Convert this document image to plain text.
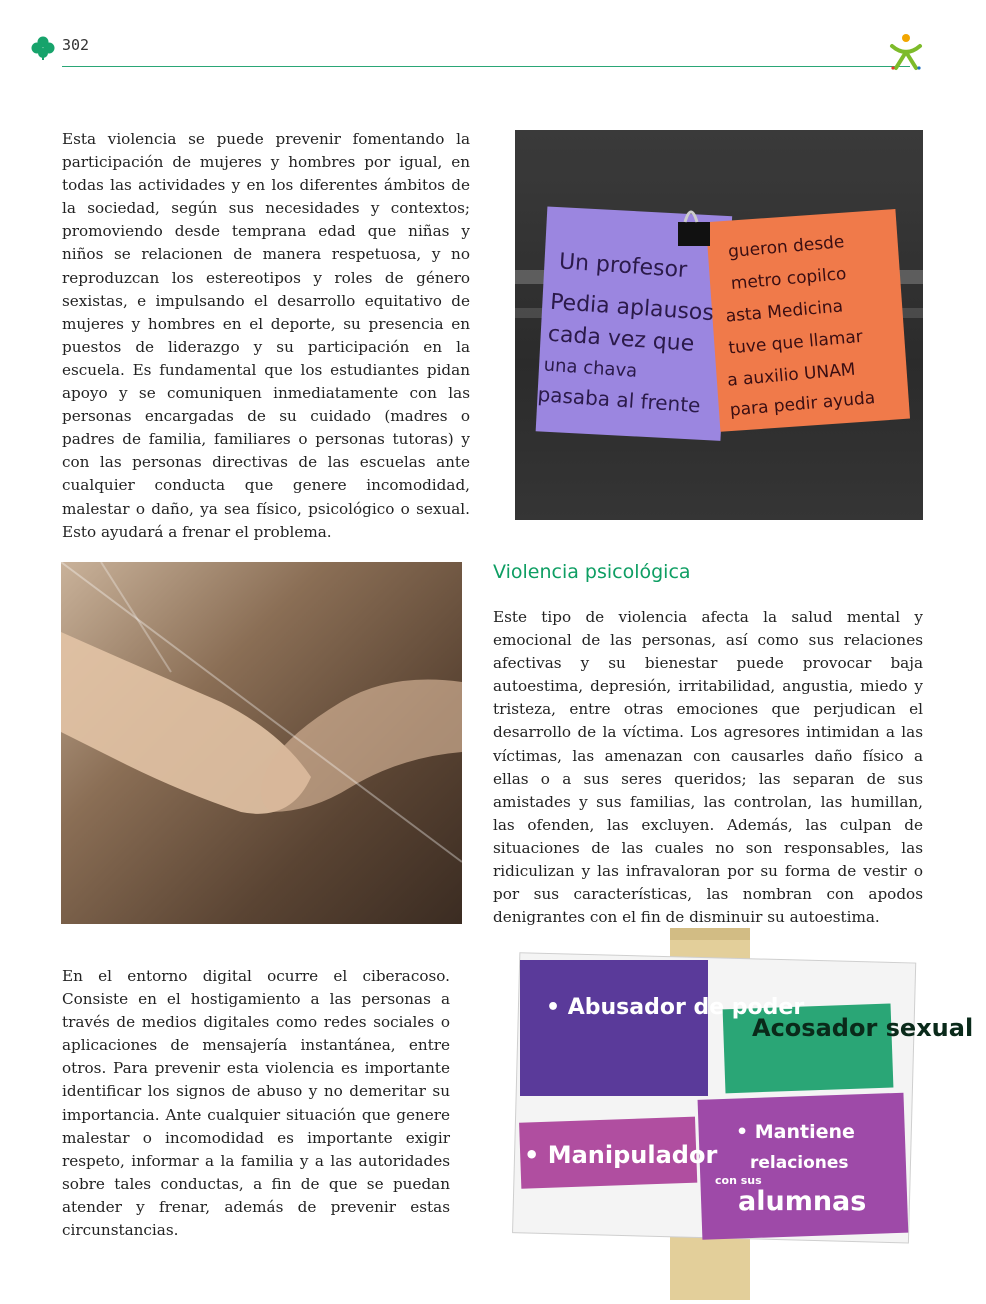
302

Esta violencia se puede prevenir fomentando la participación de mujeres y hombres por igual, en todas las actividades y en los diferentes ámbitos de la sociedad, según sus necesidades y contextos; promoviendo desde temprana edad que niñas y niños se relacionen de manera respetuosa, y no reproduzcan los estereotipos y roles de género sexistas, e impulsando el desarrollo equitativo de mujeres y hombres en el deporte, su presencia en puestos de liderazgo y su participación en la escuela. Es fundamental que los estudiantes pidan apoyo y se comuniquen inmediatamente con las personas encargadas de su cuidado (madres o padres de familia, familiares o personas tutoras) y con las personas directivas de las escuelas ante cualquier conducta que genere incomodidad, malestar o daño, ya sea físico, psicológico o sexual. Esto ayudará a frenar el problema.

Un profesor
Pedia aplausos
cada vez que
una chava
pasaba al frente
gueron desde
metro copilco
asta Medicina
tuve que llamar
a auxilio UNAM
para pedir ayuda
Violencia psicológica

Este tipo de violencia afecta la salud mental y emocional de las personas, así como sus relaciones afectivas y su bienestar puede provocar baja autoestima, depresión, irritabilidad, angustia, miedo y tristeza, entre otras emociones que perjudican el desarrollo de la víctima. Los agresores intimidan a las víctimas, las amenazan con causarles daño físico a ellas o a sus seres queridos; las separan de sus amistades y sus familias, las controlan, las humillan, las ofenden, las excluyen. Además, las culpan de situaciones de las cuales no son responsables, las ridiculizan y las infravaloran por su forma de vestir o por sus características, las nombran con apodos denigrantes con el fin de disminuir su autoestima.

En el entorno digital ocurre el ciberacoso. Consiste en el hostigamiento a las personas a través de medios digitales como redes sociales o aplicaciones de mensajería instantánea, entre otros. Para prevenir esta violencia es importante identificar los signos de abuso y no demeritar su importancia. Ante cualquier situación que genere malestar o incomodidad es importante exigir respeto, informar a la familia y a las autoridades sobre tales conductas, a fin de que se puedan atender y frenar, además de prevenir estas circunstancias.

• Abusador de poder
Acosador sexual
• Manipulador
• Mantiene
relaciones
con sus
alumnas
